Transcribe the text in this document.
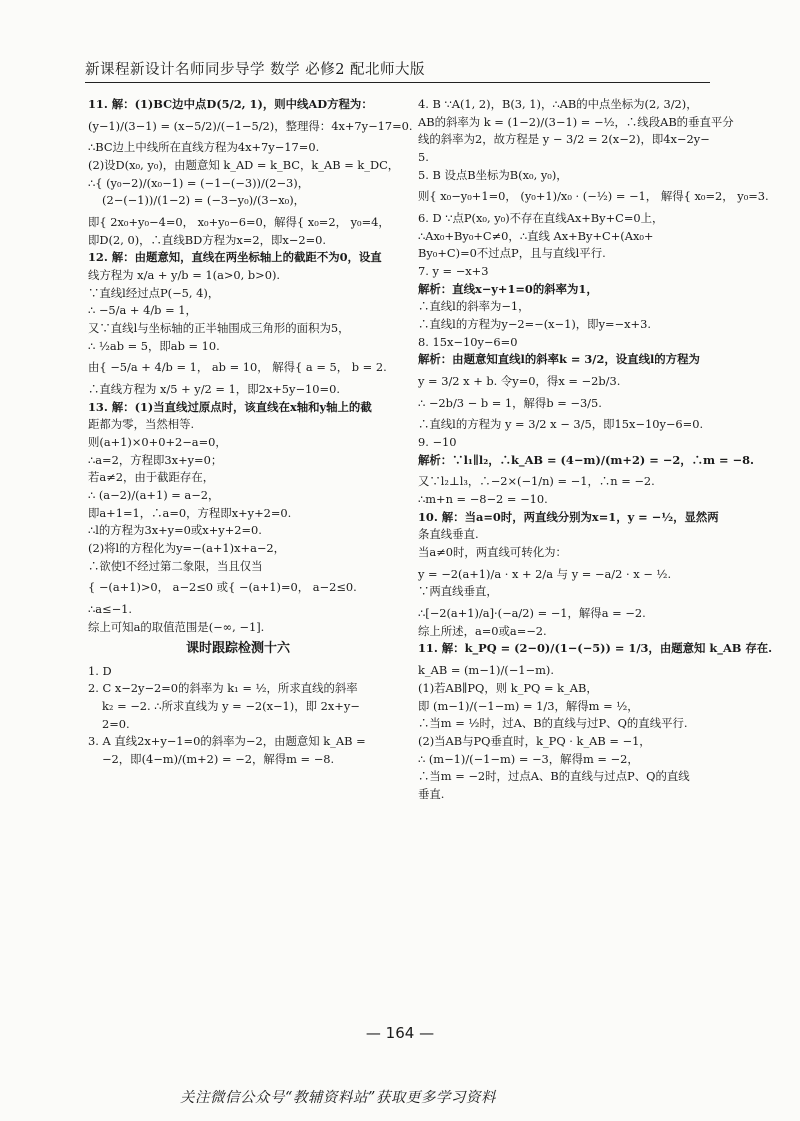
新课程新设计名师同步导学 数学 必修2 配北师大版
11. 解：(1)BC边中点D(5/2, 1)，则中线AD方程为：
(y−1)/(3−1) = (x−5/2)/(−1−5/2)，整理得：4x+7y−17=0.
∴BC边上中线所在直线方程为4x+7y−17=0.
(2)设D(x₀, y₀)，由题意知 k_AD = k_BC，k_AB = k_DC，
∴{ (y₀−2)/(x₀−1) = (−1−(−3))/(2−3)，
(2−(−1))/(1−2) = (−3−y₀)/(3−x₀)，
即{ 2x₀+y₀−4=0， x₀+y₀−6=0，解得{ x₀=2， y₀=4，
即D(2, 0)，∴直线BD方程为x=2，即x−2=0.
12. 解：由题意知，直线在两坐标轴上的截距不为0，设直
线方程为 x/a + y/b = 1(a>0, b>0).
∵直线l经过点P(−5, 4)，
∴ −5/a + 4/b = 1，
又∵直线l与坐标轴的正半轴围成三角形的面积为5，
∴ ½ab = 5，即ab = 10.
由{ −5/a + 4/b = 1， ab = 10， 解得{ a = 5， b = 2.
∴直线方程为 x/5 + y/2 = 1，即2x+5y−10=0.
13. 解：(1)当直线过原点时，该直线在x轴和y轴上的截
距都为零，当然相等.
则(a+1)×0+0+2−a=0，
∴a=2，方程即3x+y=0；
若a≠2，由于截距存在，
∴ (a−2)/(a+1) = a−2，
即a+1=1，∴a=0，方程即x+y+2=0.
∴l的方程为3x+y=0或x+y+2=0.
(2)将l的方程化为y=−(a+1)x+a−2，
∴欲使l不经过第二象限，当且仅当
{ −(a+1)>0， a−2≤0 或{ −(a+1)=0， a−2≤0.
∴a≤−1.
综上可知a的取值范围是(−∞, −1].
课时跟踪检测十六
1. D
2. C x−2y−2=0的斜率为 k₁ = ½，所求直线的斜率
k₂ = −2. ∴所求直线为 y = −2(x−1)，即 2x+y−
2=0.
3. A 直线2x+y−1=0的斜率为−2，由题意知 k_AB =
−2，即(4−m)/(m+2) = −2，解得m = −8.
4. B ∵A(1, 2)，B(3, 1)，∴AB的中点坐标为(2, 3/2)，
AB的斜率为 k = (1−2)/(3−1) = −½，∴线段AB的垂直平分
线的斜率为2，故方程是 y − 3/2 = 2(x−2)，即4x−2y−
5.
5. B 设点B坐标为B(x₀, y₀)，
则{ x₀−y₀+1=0， (y₀+1)/x₀ · (−½) = −1， 解得{ x₀=2， y₀=3.
6. D ∵点P(x₀, y₀)不存在直线Ax+By+C=0上，
∴Ax₀+By₀+C≠0，∴直线 Ax+By+C+(Ax₀+
By₀+C)=0不过点P，且与直线l平行.
7. y = −x+3
解析：直线x−y+1=0的斜率为1，
∴直线l的斜率为−1，
∴直线l的方程为y−2=−(x−1)，即y=−x+3.
8. 15x−10y−6=0
解析：由题意知直线l的斜率k = 3/2，设直线l的方程为
y = 3/2 x + b. 令y=0，得x = −2b/3.
∴ −2b/3 − b = 1，解得b = −3/5.
∴直线l的方程为 y = 3/2 x − 3/5，即15x−10y−6=0.
9. −10
解析：∵l₁∥l₂，∴k_AB = (4−m)/(m+2) = −2，∴m = −8.
又∵l₂⊥l₃，∴−2×(−1/n) = −1，∴n = −2.
∴m+n = −8−2 = −10.
10. 解：当a=0时，两直线分别为x=1，y = −½，显然两
条直线垂直.
当a≠0时，两直线可转化为：
y = −2(a+1)/a · x + 2/a 与 y = −a/2 · x − ½.
∵两直线垂直，
∴[−2(a+1)/a]·(−a/2) = −1，解得a = −2.
综上所述，a=0或a=−2.
11. 解：k_PQ = (2−0)/(1−(−5)) = 1/3，由题意知 k_AB 存在.
k_AB = (m−1)/(−1−m).
(1)若AB∥PQ，则 k_PQ = k_AB，
即 (m−1)/(−1−m) = 1/3，解得m = ½，
∴当m = ½时，过A、B的直线与过P、Q的直线平行.
(2)当AB与PQ垂直时，k_PQ · k_AB = −1，
∴ (m−1)/(−1−m) = −3，解得m = −2，
∴当m = −2时，过点A、B的直线与过点P、Q的直线
垂直.
— 164 —
关注微信公众号“教辅资料站”获取更多学习资料
